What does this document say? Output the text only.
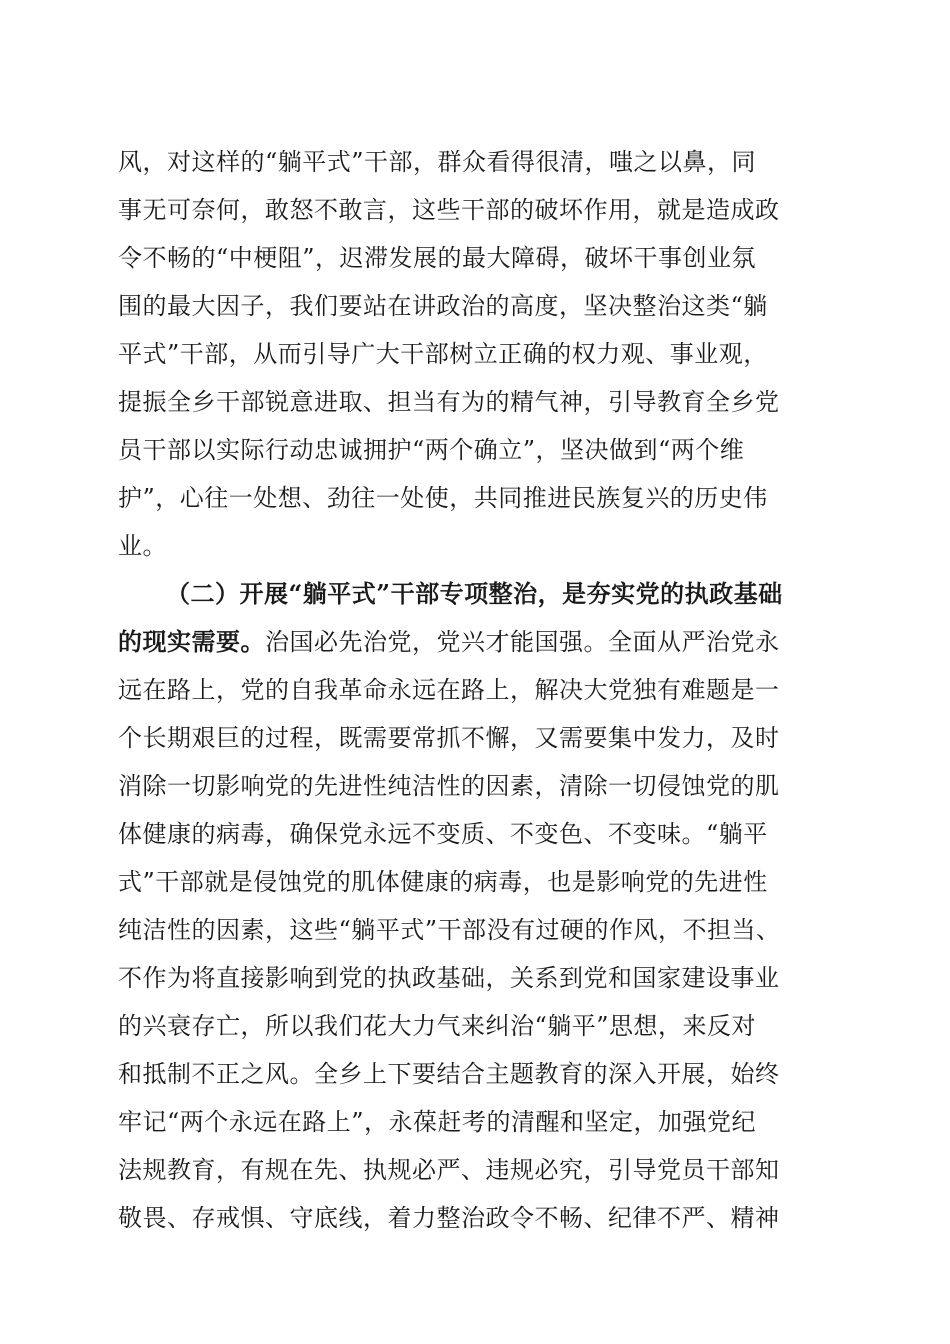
风，对这样的“躺平式”干部，群众看得很清，嗤之以鼻，同
事无可奈何，敢怒不敢言，这些干部的破坏作用，就是造成政
令不畅的“中梗阻”，迟滞发展的最大障碍，破坏干事创业氛
围的最大因子，我们要站在讲政治的高度，坚决整治这类“躺
平式”干部，从而引导广大干部树立正确的权力观、事业观，
提振全乡干部锐意进取、担当有为的精气神，引导教育全乡党
员干部以实际行动忠诚拥护“两个确立”，坚决做到“两个维
护”，心往一处想、劲往一处使，共同推进民族复兴的历史伟
业。
（二）开展“躺平式”干部专项整治，是夯实党的执政基础
的现实需要。治国必先治党，党兴才能国强。全面从严治党永
远在路上，党的自我革命永远在路上，解决大党独有难题是一
个长期艰巨的过程，既需要常抓不懈，又需要集中发力，及时
消除一切影响党的先进性纯洁性的因素，清除一切侵蚀党的肌
体健康的病毒，确保党永远不变质、不变色、不变味。“躺平
式”干部就是侵蚀党的肌体健康的病毒，也是影响党的先进性
纯洁性的因素，这些“躺平式”干部没有过硬的作风，不担当、
不作为将直接影响到党的执政基础，关系到党和国家建设事业
的兴衰存亡，所以我们花大力气来纠治“躺平”思想，来反对
和抵制不正之风。全乡上下要结合主题教育的深入开展，始终
牢记“两个永远在路上”，永葆赶考的清醒和坚定，加强党纪
法规教育，有规在先、执规必严、违规必究，引导党员干部知
敬畏、存戒惧、守底线，着力整治政令不畅、纪律不严、精神
